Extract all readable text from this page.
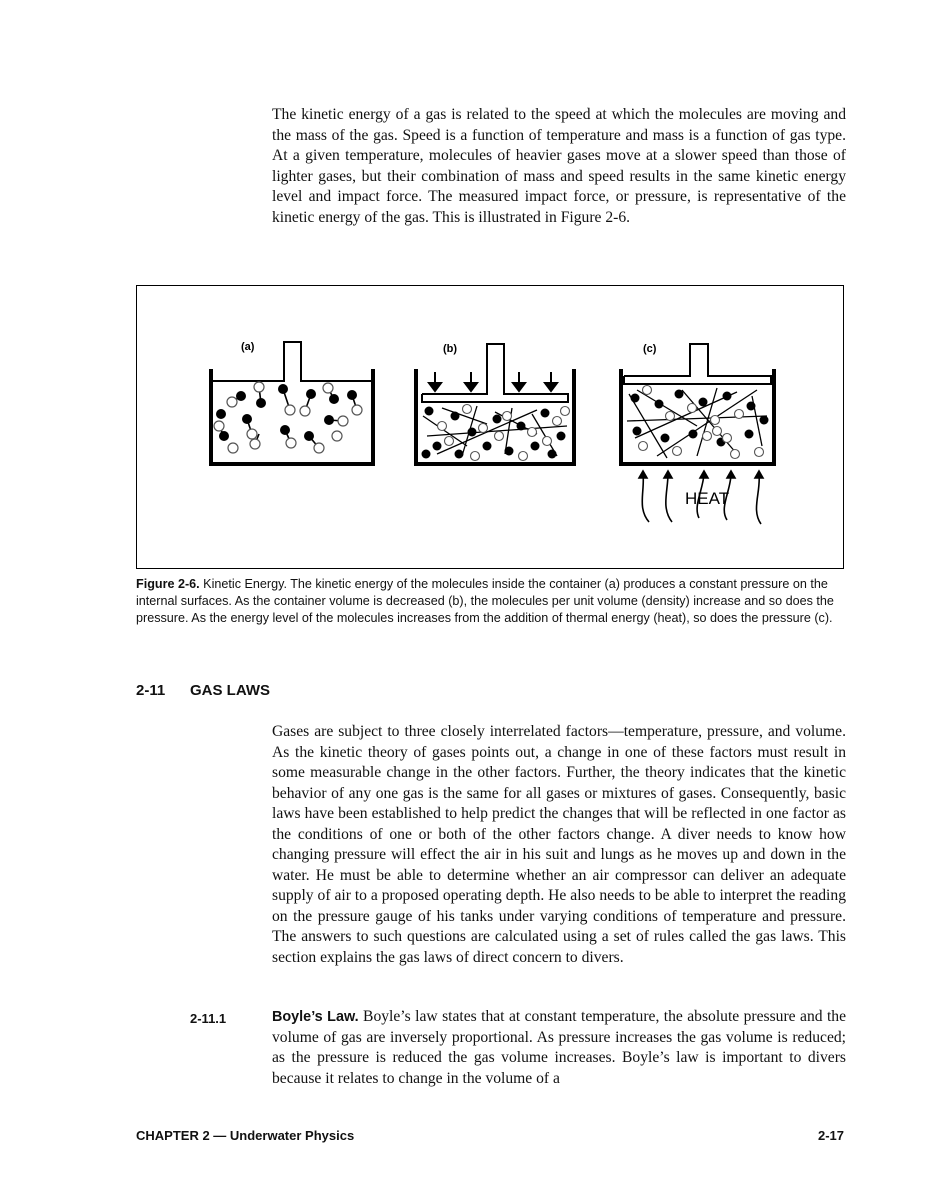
The kinetic energy of a gas is related to the speed at which the molecules are moving and the mass of the gas. Speed is a function of temperature and mass is a function of gas type. At a given temperature, molecules of heavier gases move at a slower speed than those of lighter gases, but their combination of mass and speed results in the same kinetic energy level and impact force. The measured impact force, or pressure, is representative of the kinetic energy of the gas. This is illustrated in Figure 2-6.
(a)	(b)	(c)
HEAT
Figure 2-6. Kinetic Energy. The kinetic energy of the molecules inside the container (a) produces a constant pressure on the internal surfaces. As the container volume is decreased (b), the molecules per unit volume (density) increase and so does the pressure. As the energy level of the molecules increases from the addition of thermal energy (heat), so does the pressure (c).
2-11 GAS LAWS
Gases are subject to three closely interrelated factors—temperature, pressure, and volume. As the kinetic theory of gases points out, a change in one of these factors must result in some measurable change in the other factors. Further, the theory indicates that the kinetic behavior of any one gas is the same for all gases or mixtures of gases. Consequently, basic laws have been established to help predict the changes that will be reflected in one factor as the conditions of one or both of the other factors change. A diver needs to know how changing pressure will effect the air in his suit and lungs as he moves up and down in the water. He must be able to determine whether an air compressor can deliver an adequate supply of air to a proposed operating depth. He also needs to be able to interpret the reading on the pressure gauge of his tanks under varying conditions of temperature and pressure. The answers to such questions are calculated using a set of rules called the gas laws. This section explains the gas laws of direct concern to divers.
2-11.1	Boyle’s Law. Boyle’s law states that at constant temperature, the absolute pressure and the volume of gas are inversely proportional. As pressure increases the gas volume is reduced; as the pressure is reduced the gas volume increases. Boyle’s law is important to divers because it relates to change in the volume of a
CHAPTER 2 — Underwater Physics	2-17
